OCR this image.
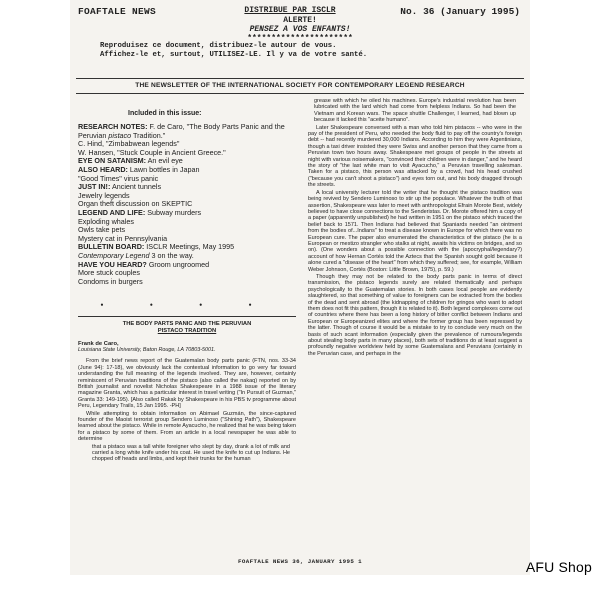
FOAFTALE NEWS	DISTRIBUE PAR ISCLR	No. 36 (January 1995)
ALERTE!
PENSEZ A VOS ENFANTS!
**********************
Reproduisez ce document, distribuez-le autour de vous.
Affichez-le et, surtout, UTILISEZ-LE. Il y va de votre santé.
THE NEWSLETTER OF THE INTERNATIONAL SOCIETY FOR CONTEMPORARY LEGEND RESEARCH
Included in this issue:
RESEARCH NOTES: F. de Caro, "The Body Parts Panic and the Peruvian pistaco Tradition."
C. Hind, "Zimbabwean legends"
W. Hansen, "Stuck Couple in Ancient Greece."
EYE ON SATANISM: An evil eye
ALSO HEARD: Lawn bottles in Japan
"Good Times" virus panic
JUST IN!: Ancient tunnels
Jewelry legends
Organ theft discussion on SKEPTIC
LEGEND AND LIFE: Subway murders
Exploding whales
Owls take pets
Mystery cat in Pennsylvania
BULLETIN BOARD: ISCLR Meetings, May 1995
Contemporary Legend 3 on the way.
HAVE YOU HEARD? Groom ungroomed
More stuck couples
Condoms in burgers
• • • •
THE BODY PARTS PANIC AND THE PERUVIAN
PISTACO TRADITION
Frank de Caro,
Louisiana State University, Baton Rouge, LA 70803-5001.

From the brief news report of the Guatemalan body parts panic (FTN, nos. 33-34 (June 94): 17-18), we obviously lack the contextual information to go very far toward understanding the full meaning of the legends involved. They are, however, certainly reminiscent of Peruvian traditions of the pistaco (also called the nakaq) reported on by British journalist and novelist Nicholas Shakespeare in a 1988 issue of the literary magazine Granta, which has a particular interest in travel writing ("In Pursuit of Guzman," Granta 33: 149-195). [Also called Rakak by Shakespeare in his PBS tv programme about Peru, Legendary Trails, 15 Jan 1995. -PH]

While attempting to obtain information on Abimael Guzmán, the since-captured founder of the Maoist terrorist group Sendero Luminoso ("Shining Path"), Shakespeare learned about the pistaco. While in remote Ayacucho, he realized that he was being taken for a pistaco by some of them. From an article in a local newspaper he was able to determine

that a pistaco was a tall white foreigner who slept by day, drank a lot of milk and carried a long white knife under his coat. He used the knife to cut up Indians. He chopped off heads and limbs, and kept their trunks for the human

grease with which he oiled his machines. Europe's industrial revolution has been lubricated with the lard which had come from helpless Indians. So had been the Vietnam and Korean wars. The space shuttle Challenger, I learned, had blown up because it lacked this "aceite humano".

Later Shakespeare conversed with a man who told him pistacos -- who were in the pay of the president of Peru, who needed the body fluid to pay off the country's foreign debt -- had recently murdered 30,000 Indians. According to him they were Argentinians, though a taxi driver insisted they were Swiss and another person that they came from a Peruvian town two hours away. Shakespeare met groups of people in the streets at night with various noisemakers, "convinced their children were in danger," and he heard the story of "the last white man to visit Ayacucho," a Peruvian travelling salesman. Taken for a pistaco, this person was attacked by a crowd, had his head crushed ("because you can't shoot a pistaco") and eyes torn out, and his body dragged through the streets.

A local university lecturer told the writer that he thought the pistaco tradition was being revived by Sendero Luminoso to stir up the populace. Whatever the truth of that assertion, Shakespeare was later to meet with anthropologist Efrain Morote Best, widely believed to have close connections to the Senderistas. Dr. Morote offered him a copy of a paper (apparently unpublished) he had written in 1951 on the pistaco which traced the belief back to 1571. Then Indians had believed that Spaniards needed "an ointment from the bodies of...Indians" to treat a disease known in Europe for which there was no European cure. The paper also enumerated the characteristics of the pistaco (he is a European or mestizo strangler who stalks at night, awaits his victims on bridges, and so on). (One wonders about a possible connection with the (apocryphal/legendary?) account of how Hernan Cortés told the Aztecs that the Spanish sought gold because it alone cured a "disease of the heart" from which they suffered; see, for example, William Weber Johnson, Cortés (Boston: Little Brown, 1975), p. 59.)

Though they may not be related to the body parts panic in terms of direct transmission, the pistaco legends surely are related thematically and perhaps psychologically to the Guatemalan stories. In both cases local people are evidently slaughtered, so that something of value to foreigners can be extracted from the bodies of the dead and sent abroad (the kidnapping of children for gringos who want to adopt them does not fit this pattern, though it is related to it). Both legend complexes come out of countries where there has been a long history of bitter conflict between Indians and European or Europeanized elites and where the former group has been repressed by the latter. Though of course it would be a mistake to try to conclude very much on the basis of such scant information (especially given the prevalence of rumours/legends about stealing body parts in many places), both sets of traditions do at least suggest a profoundly negative worldview held by some Guatemalans and Peruvians (certainly in the Peruvian case, and perhaps in the

FOAFTALE NEWS 36, JANUARY 1995 1	AFU Shop
